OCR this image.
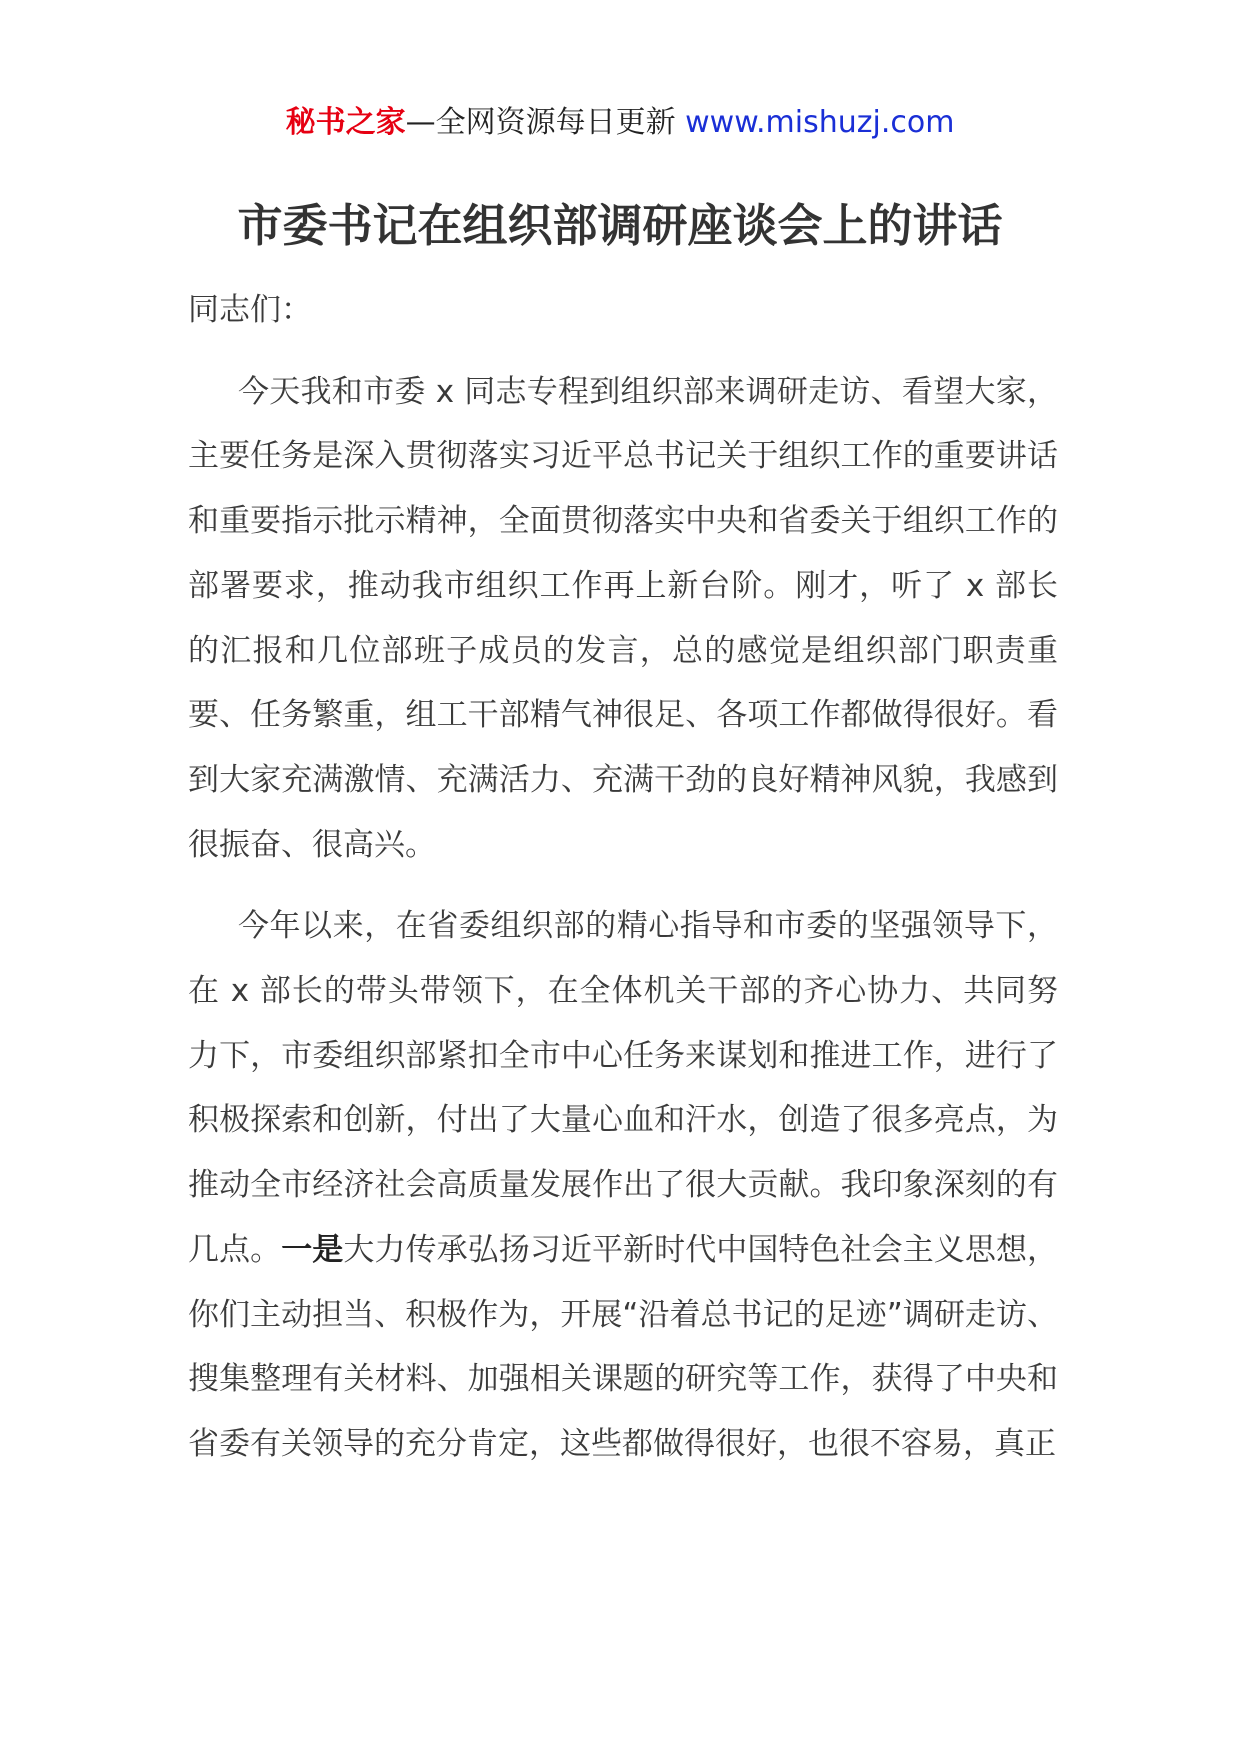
秘书之家—全网资源每日更新 www.mishuzj.com
市委书记在组织部调研座谈会上的讲话

同志们：

今天我和市委 x 同志专程到组织部来调研走访、看望大家，主要任务是深入贯彻落实习近平总书记关于组织工作的重要讲话和重要指示批示精神，全面贯彻落实中央和省委关于组织工作的部署要求，推动我市组织工作再上新台阶。刚才，听了 x 部长的汇报和几位部班子成员的发言，总的感觉是组织部门职责重要、任务繁重，组工干部精气神很足、各项工作都做得很好。看到大家充满激情、充满活力、充满干劲的良好精神风貌，我感到很振奋、很高兴。

今年以来，在省委组织部的精心指导和市委的坚强领导下，在 x 部长的带头带领下，在全体机关干部的齐心协力、共同努力下，市委组织部紧扣全市中心任务来谋划和推进工作，进行了积极探索和创新，付出了大量心血和汗水，创造了很多亮点，为推动全市经济社会高质量发展作出了很大贡献。我印象深刻的有几点。一是大力传承弘扬习近平新时代中国特色社会主义思想，你们主动担当、积极作为，开展“沿着总书记的足迹”调研走访、搜集整理有关材料、加强相关课题的研究等工作，获得了中央和省委有关领导的充分肯定，这些都做得很好，也很不容易，真正
